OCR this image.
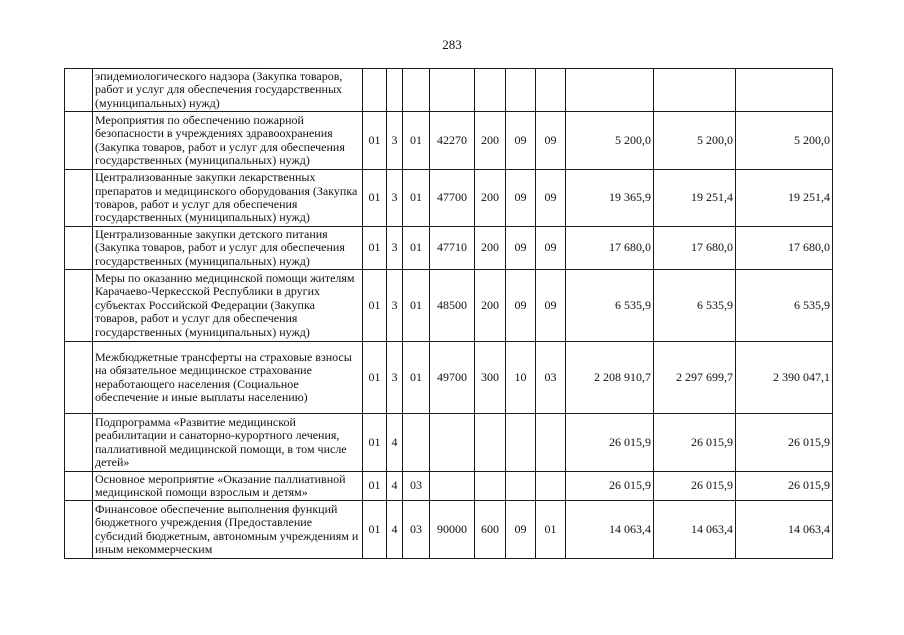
283
	эпидемиологического надзора (Закупка товаров, работ и услуг для обеспечения государственных (муниципальных) нужд)										
	Мероприятия по обеспечению пожарной безопасности в учреждениях здравоохранения (Закупка товаров, работ и услуг для обеспечения государственных (муниципальных) нужд)	01	3	01	42270	200	09	09	5 200,0	5 200,0	5 200,0
	Централизованные закупки лекарственных препаратов и медицинского оборудования (Закупка товаров, работ и услуг для обеспечения государственных (муниципальных) нужд)	01	3	01	47700	200	09	09	19 365,9	19 251,4	19 251,4
	Централизованные закупки детского питания (Закупка товаров, работ и услуг для обеспечения государственных (муниципальных) нужд)	01	3	01	47710	200	09	09	17 680,0	17 680,0	17 680,0
	Меры по оказанию медицинской помощи жителям Карачаево-Черкесской Республики в других субъектах Российской Федерации (Закупка товаров, работ и услуг для обеспечения государственных (муниципальных) нужд)	01	3	01	48500	200	09	09	6 535,9	6 535,9	6 535,9
	Межбюджетные трансферты на страховые взносы на обязательное медицинское страхование неработающего населения (Социальное обеспечение и иные выплаты населению)	01	3	01	49700	300	10	03	2 208 910,7	2 297 699,7	2 390 047,1
	Подпрограмма «Развитие медицинской реабилитации и санаторно-курортного лечения, паллиативной медицинской помощи, в том числе детей»	01	4						26 015,9	26 015,9	26 015,9
	Основное мероприятие «Оказание паллиативной медицинской помощи взрослым и детям»	01	4	03					26 015,9	26 015,9	26 015,9
	Финансовое обеспечение выполнения функций бюджетного учреждения (Предоставление субсидий бюджетным, автономным учреждениям и иным некоммерческим	01	4	03	90000	600	09	01	14 063,4	14 063,4	14 063,4
